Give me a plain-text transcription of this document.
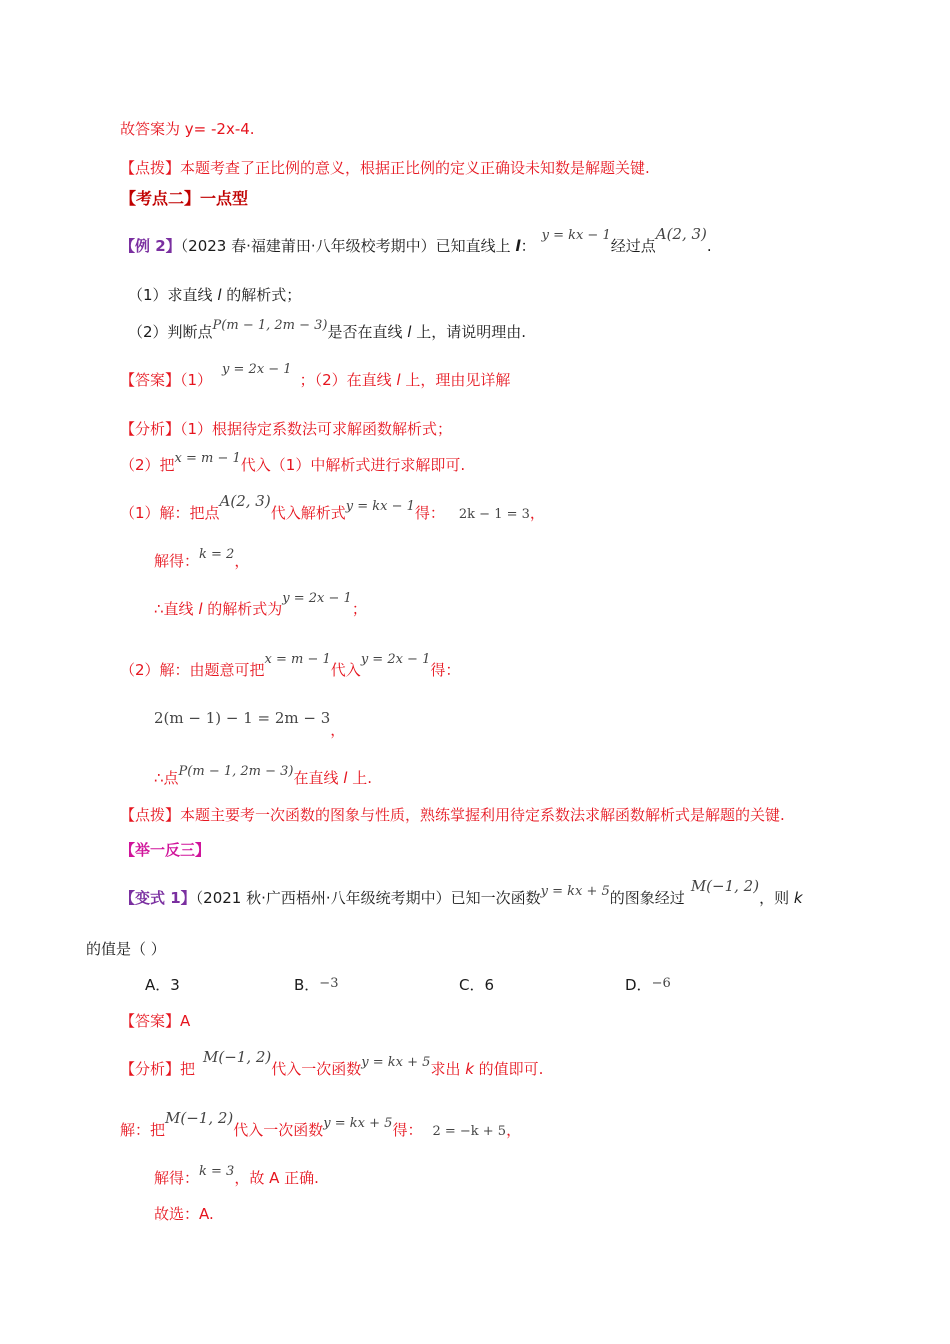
故答案为 y= -2x-4.
【点拨】本题考查了正比例的意义，根据正比例的定义正确设未知数是解题关键.
【考点二】一点型
【例 2】（2023 春·福建莆田·八年级校考期中）已知直线上 l：y = kx − 1经过点A(2, 3).
（1）求直线 l 的解析式；
（2）判断点P(m − 1, 2m − 3)是否在直线 l 上，请说明理由.
【答案】（1）y = 2x − 1；（2）在直线 l 上，理由见详解
【分析】（1）根据待定系数法可求解函数解析式；
（2）把x = m − 1代入（1）中解析式进行求解即可.
（1）解：把点A(2, 3)代入解析式y = kx − 1得： 2k − 1 = 3，
解得：k = 2，
∴直线 l 的解析式为y = 2x − 1；
（2）解：由题意可把x = m − 1代入y = 2x − 1得：
2(m − 1) − 1 = 2m − 3，
∴点P(m − 1, 2m − 3)在直线 l 上.
【点拨】本题主要考一次函数的图象与性质，熟练掌握利用待定系数法求解函数解析式是解题的关键.
【举一反三】
【变式 1】（2021 秋·广西梧州·八年级统考期中）已知一次函数y = kx + 5的图象经过M(−1, 2)，则 k
的值是（ ）
A．3	B．−3	C．6	D．−6
【答案】A
【分析】把M(−1, 2)代入一次函数y = kx + 5求出 k 的值即可.
解：把M(−1, 2)代入一次函数y = kx + 5得： 2 = −k + 5，
解得：k = 3，故 A 正确.
故选：A.
